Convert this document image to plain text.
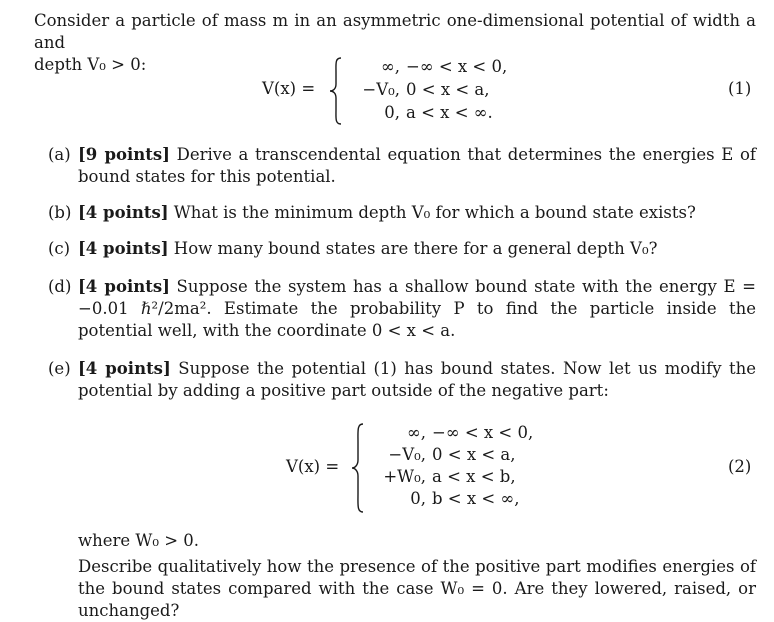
Consider a particle of mass m in an asymmetric one-dimensional potential of width a and
depth V₀ > 0:
V(x) =
∞, −∞ < x < 0,
−V₀, 0 < x < a,
0, a < x < ∞.
(1)
(a) [9 points] Derive a transcendental equation that determines the energies E of bound states for this potential.
(b) [4 points] What is the minimum depth V₀ for which a bound state exists?
(c) [4 points] How many bound states are there for a general depth V₀?
(d) [4 points] Suppose the system has a shallow bound state with the energy E = −0.01 ℏ²/2ma². Estimate the probability P to find the particle inside the potential well, with the coordinate 0 < x < a.
(e) [4 points] Suppose the potential (1) has bound states. Now let us modify the potential by adding a positive part outside of the negative part:
V(x) =
∞, −∞ < x < 0,
−V₀, 0 < x < a,
+W₀, a < x < b,
0, b < x < ∞,
(2)
where W₀ > 0.
Describe qualitatively how the presence of the positive part modifies energies of the bound states compared with the case W₀ = 0. Are they lowered, raised, or unchanged?
